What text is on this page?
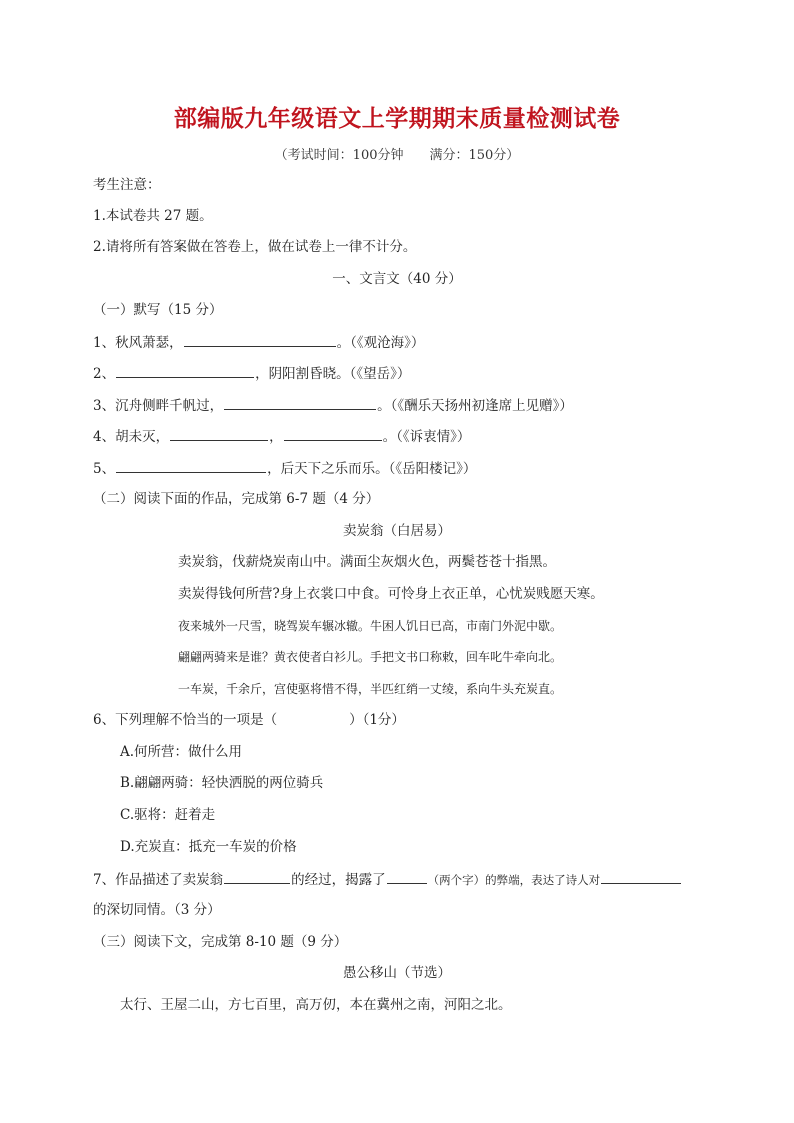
部编版九年级语文上学期期末质量检测试卷
（考试时间：100分钟　　满分：150分）
考生注意：
1.本试卷共 27 题。
2.请将所有答案做在答卷上，做在试卷上一律不计分。
一、文言文（40 分）
（一）默写（15 分）
1、秋风萧瑟，	。（《观沧海》）
2、	，阴阳割昏晓。（《望岳》）
3、沉舟侧畔千帆过，	。（《酬乐天扬州初逢席上见赠》）
4、胡未灭，	，	。（《诉衷情》）
5、	，后天下之乐而乐。（《岳阳楼记》）
（二）阅读下面的作品，完成第 6-7 题（4 分）
卖炭翁（白居易）
卖炭翁，伐薪烧炭南山中。满面尘灰烟火色，两鬓苍苍十指黑。
卖炭得钱何所营?身上衣裳口中食。可怜身上衣正单，心忧炭贱愿天寒。
夜来城外一尺雪，晓驾炭车辗冰辙。牛困人饥日已高，市南门外泥中歇。
翩翩两骑来是谁？黄衣使者白衫儿。手把文书口称敕，回车叱牛牵向北。
一车炭，千余斤，宫使驱将惜不得，半匹红绡一丈绫，系向牛头充炭直。
6、下列理解不恰当的一项是（	）（1分）
A.何所营：做什么用
B.翩翩两骑：轻快洒脱的两位骑兵
C.驱将：赶着走
D.充炭直：抵充一车炭的价格
7、作品描述了卖炭翁	的经过，揭露了	（两个字）的弊端，表达了诗人对
的深切同情。（3 分）
（三）阅读下文，完成第 8-10 题（9 分）
愚公移山（节选）
太行、王屋二山，方七百里，高万仞，本在冀州之南，河阳之北。
